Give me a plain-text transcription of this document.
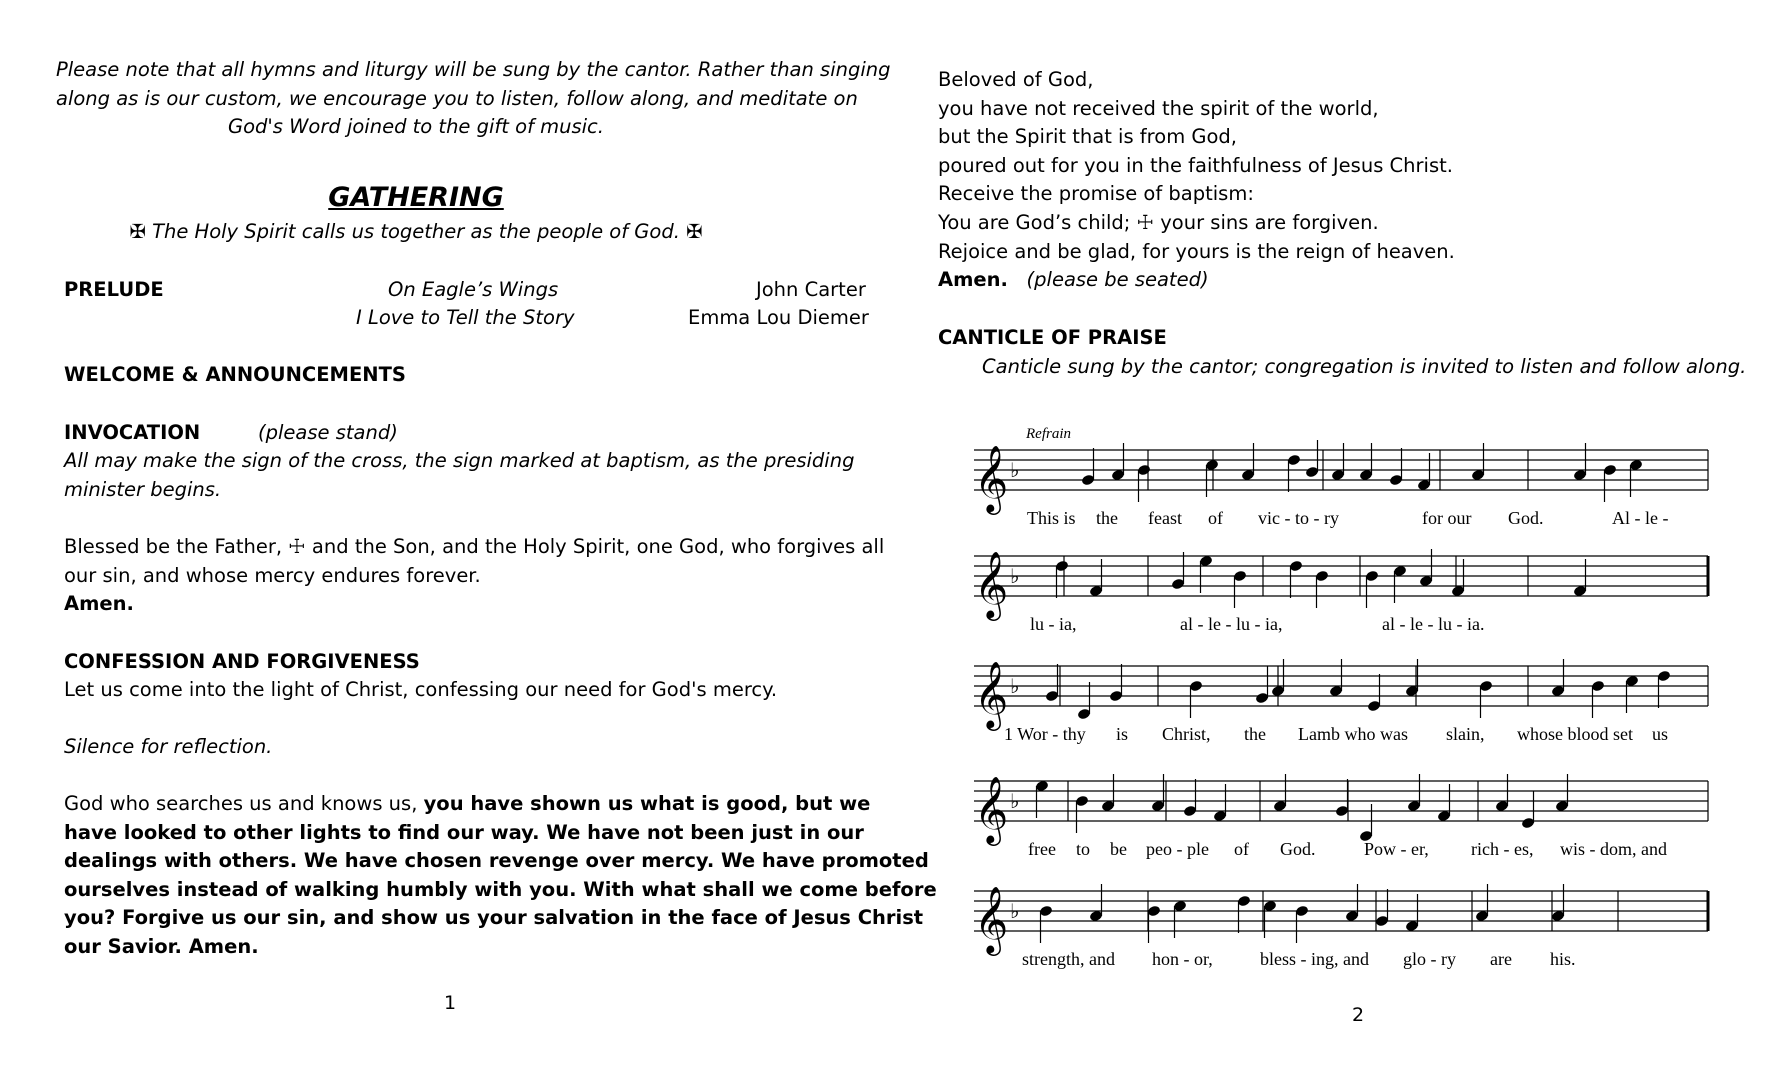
Please note that all hymns and liturgy will be sung by the cantor. Rather than singing
along as is our custom, we encourage you to listen, follow along, and meditate on
God's Word joined to the gift of music.
GATHERING
✠ The Holy Spirit calls us together as the people of God. ✠
PRELUDE	On Eagle’s Wings	John Carter
I Love to Tell the Story	Emma Lou Diemer
WELCOME & ANNOUNCEMENTS
INVOCATION	(please stand)
All may make the sign of the cross, the sign marked at baptism, as the presiding
minister begins.
Blessed be the Father, ☩ and the Son, and the Holy Spirit, one God, who forgives all
our sin, and whose mercy endures forever.
Amen.
CONFESSION AND FORGIVENESS
Let us come into the light of Christ, confessing our need for God's mercy.
Silence for reflection.
God who searches us and knows us, you have shown us what is good, but we
have looked to other lights to find our way. We have not been just in our
dealings with others. We have chosen revenge over mercy. We have promoted
ourselves instead of walking humbly with you. With what shall we come before
you? Forgive us our sin, and show us your salvation in the face of Jesus Christ
our Savior. Amen.
1
Beloved of God,
you have not received the spirit of the world,
but the Spirit that is from God,
poured out for you in the faithfulness of Jesus Christ.
Receive the promise of baptism:
You are God’s child; ☩ your sins are forgiven.
Rejoice and be glad, for yours is the reign of heaven.
Amen. (please be seated)
CANTICLE OF PRAISE
Canticle sung by the cantor; congregation is invited to listen and follow along.
Refrain
𝄞 ♭
This is the feast of vic - to - ry	for our God.	Al - le -
𝄞 ♭
lu - ia,	al - le - lu - ia,	al - le - lu - ia.
𝄞 ♭
1 Wor - thy is Christ, the Lamb who was slain, whose blood set us
𝄞 ♭
free to be peo - ple of God.	Pow - er, rich - es, wis - dom, and
𝄞 ♭
strength, and hon - or,	bless - ing, and glo - ry are his.
2
